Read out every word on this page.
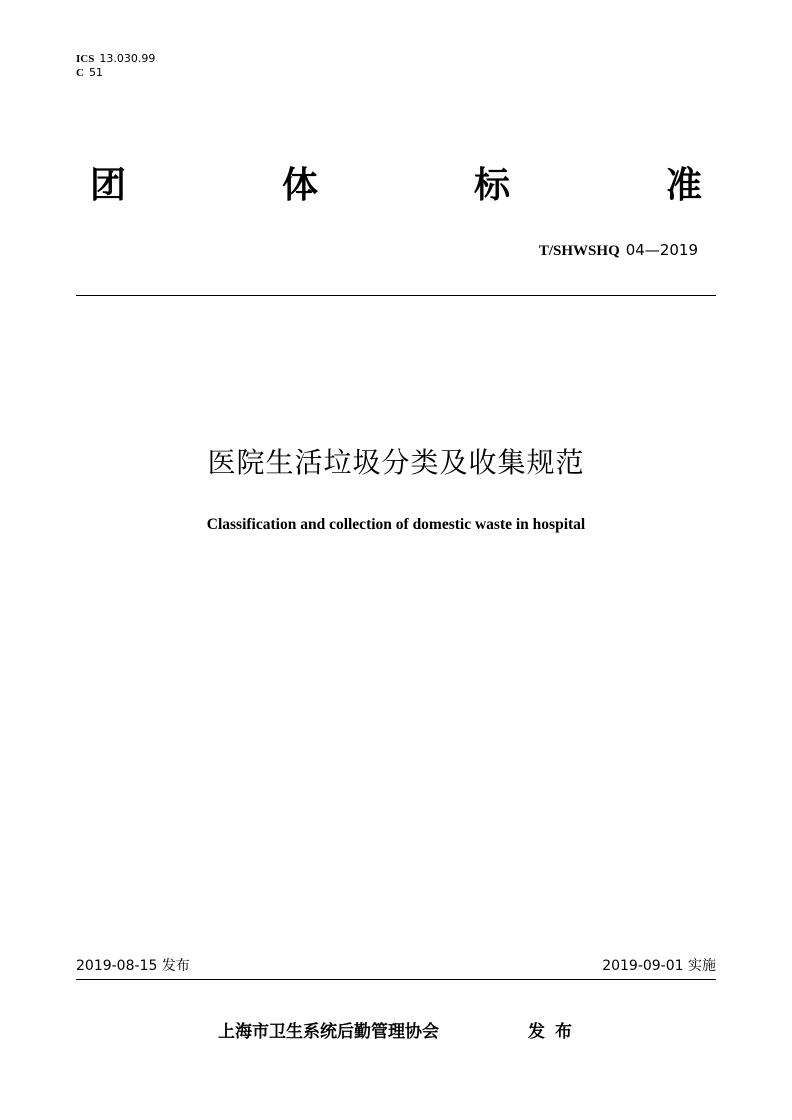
ICS 13.030.99
C 51
团	体	标	准
T/SHWSHQ 04—2019
医院生活垃圾分类及收集规范
Classification and collection of domestic waste in hospital
2019-08-15 发布	2019-09-01 实施
上海市卫生系统后勤管理协会	发布
